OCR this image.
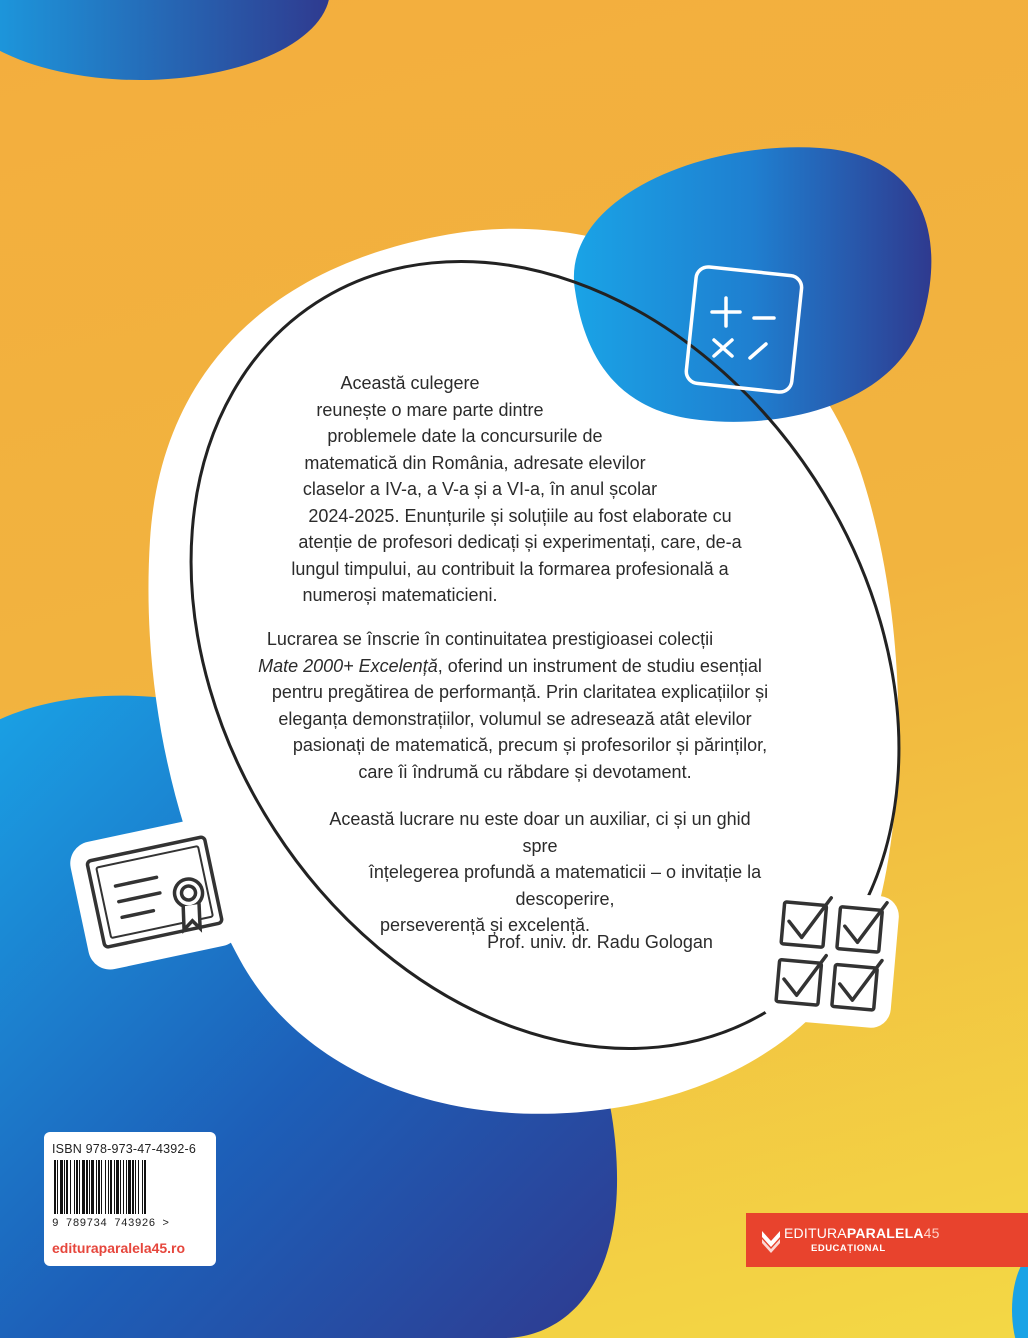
Această culegere
reunește o mare parte dintre
problemele date la concursurile de
matematică din România, adresate elevilor
claselor a IV-a, a V-a și a VI-a, în anul școlar
2024-2025. Enunțurile și soluțiile au fost elaborate cu
atenție de profesori dedicați și experimentați, care, de-a
lungul timpului, au contribuit la formarea profesională a
numeroși matematicieni.

Lucrarea se înscrie în continuitatea prestigioasei colecții
Mate 2000+ Excelență, oferind un instrument de studiu esențial
pentru pregătirea de performanță. Prin claritatea explicațiilor și
eleganța demonstrațiilor, volumul se adresează atât elevilor
pasionați de matematică, precum și profesorilor și părinților,
care îi îndrumă cu răbdare și devotament.

Această lucrare nu este doar un auxiliar, ci și un ghid spre
înțelegerea profundă a matematicii – o invitație la descoperire,
perseverență și excelență.

Prof. univ. dr. Radu Gologan

ISBN 978-973-47-4392-6
9 789734 743926 >
edituraparalela45.ro
EDITURAPARALELA45
EDUCAȚIONAL
